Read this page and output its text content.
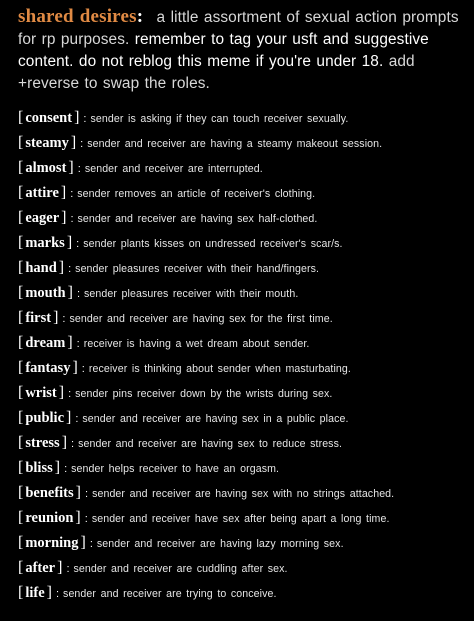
shared desires: a little assortment of sexual action prompts for rp purposes. remember to tag your usft and suggestive content. do not reblog this meme if you're under 18. add +reverse to swap the roles.

[ consent ] : sender is asking if they can touch receiver sexually.
[ steamy ] : sender and receiver are having a steamy makeout session.
[ almost ] : sender and receiver are interrupted.
[ attire ] : sender removes an article of receiver's clothing.
[ eager ] : sender and receiver are having sex half-clothed.
[ marks ] : sender plants kisses on undressed receiver's scar/s.
[ hand ] : sender pleasures receiver with their hand/fingers.
[ mouth ] : sender pleasures receiver with their mouth.
[ first ] : sender and receiver are having sex for the first time.
[ dream ] : receiver is having a wet dream about sender.
[ fantasy ] : receiver is thinking about sender when masturbating.
[ wrist ] : sender pins receiver down by the wrists during sex.
[ public ] : sender and receiver are having sex in a public place.
[ stress ] : sender and receiver are having sex to reduce stress.
[ bliss ] : sender helps receiver to have an orgasm.
[ benefits ] : sender and receiver are having sex with no strings attached.
[ reunion ] : sender and receiver have sex after being apart a long time.
[ morning ] : sender and receiver are having lazy morning sex.
[ after ] : sender and receiver are cuddling after sex.
[ life ] : sender and receiver are trying to conceive.
